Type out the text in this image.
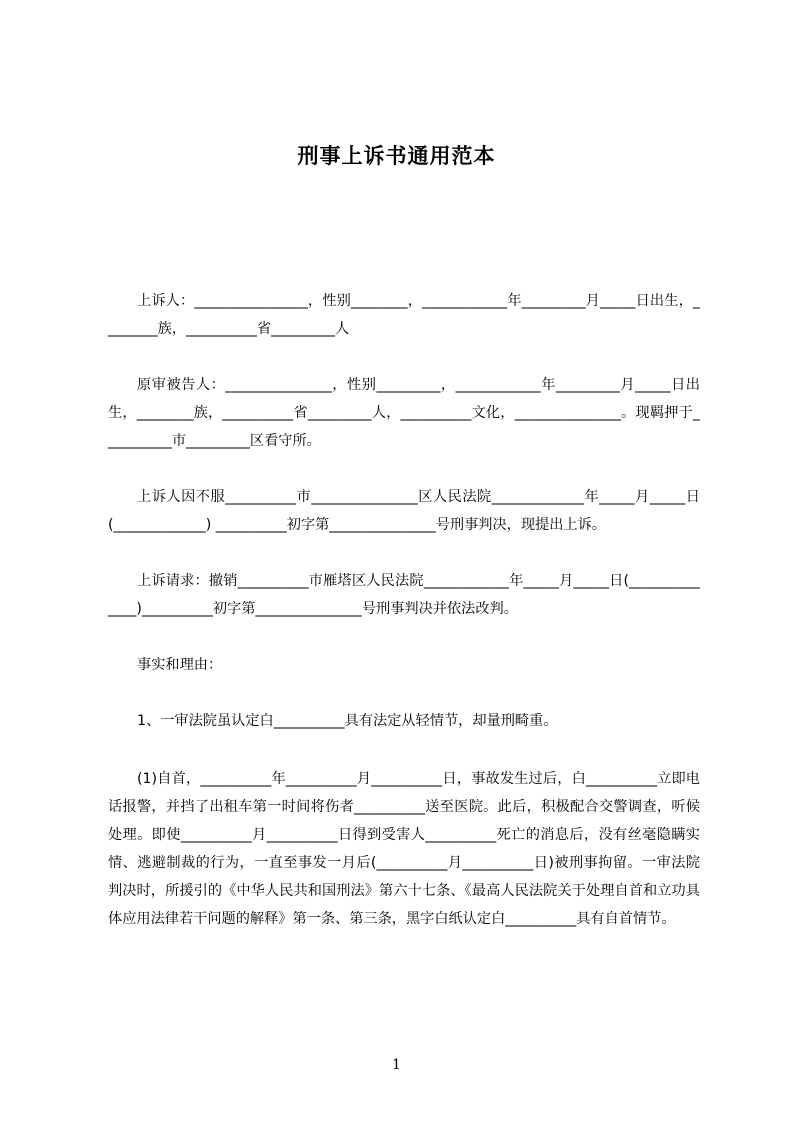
刑事上诉书通用范本

上诉人：________________，性别________，____________年_________月_____日出生，________族，__________省_________人

原审被告人：_______________，性别_________，____________年_________月_____日出生，________族，__________省_________人，__________文化，_______________。现羁押于__________市_________区看守所。

上诉人因不服__________市_______________区人民法院_____________年_____月_____日(_____________) __________初字第_______________号刑事判决，现提出上诉。

上诉请求：撤销__________市雁塔区人民法院____________年_____月_____日(______________)__________初字第_______________号刑事判决并依法改判。

事实和理由：

1、一审法院虽认定白__________具有法定从轻情节，却量刑畸重。

(1)自首，__________年__________月__________日，事故发生过后，白__________立即电话报警，并挡了出租车第一时间将伤者__________送至医院。此后，积极配合交警调查，听候处理。即使__________月__________日得到受害人__________死亡的消息后，没有丝毫隐瞒实情、逃避制裁的行为，一直至事发一月后(__________月__________日)被刑事拘留。一审法院判决时，所援引的《中华人民共和国刑法》第六十七条、《最高人民法院关于处理自首和立功具体应用法律若干问题的解释》第一条、第三条，黑字白纸认定白__________具有自首情节。

1
